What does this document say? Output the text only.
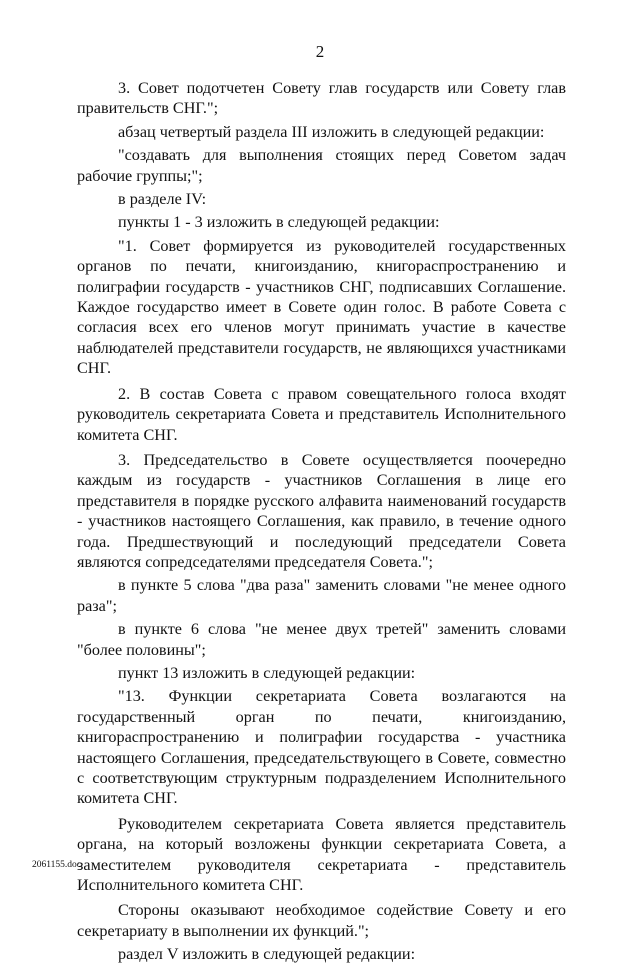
2

3. Совет подотчетен Совету глав государств или Совету глав правительств СНГ.";

абзац четвертый раздела III изложить в следующей редакции:

"создавать для выполнения стоящих перед Советом задач рабочие группы;";

в разделе IV:

пункты 1 - 3 изложить в следующей редакции:

"1. Совет формируется из руководителей государственных органов по печати, книгоизданию, книгораспространению и полиграфии государств - участников СНГ, подписавших Соглашение. Каждое государство имеет в Совете один голос. В работе Совета с согласия всех его членов могут принимать участие в качестве наблюдателей представители государств, не являющихся участниками СНГ.

2. В состав Совета с правом совещательного голоса входят руководитель секретариата Совета и представитель Исполнительного комитета СНГ.

3. Председательство в Совете осуществляется поочередно каждым из государств - участников Соглашения в лице его представителя в порядке русского алфавита наименований государств - участников настоящего Соглашения, как правило, в течение одного года. Предшествующий и последующий председатели Совета являются сопредседателями председателя Совета.";

в пункте 5 слова "два раза" заменить словами "не менее одного раза";

в пункте 6 слова "не менее двух третей" заменить словами "более половины";

пункт 13 изложить в следующей редакции:

"13. Функции секретариата Совета возлагаются на государственный орган по печати, книгоизданию, книгораспространению и полиграфии государства - участника настоящего Соглашения, председательствующего в Совете, совместно с соответствующим структурным подразделением Исполнительного комитета СНГ.

Руководителем секретариата Совета является представитель органа, на который возложены функции секретариата Совета, а заместителем руководителя секретариата - представитель Исполнительного комитета СНГ.

Стороны оказывают необходимое содействие Совету и его секретариату в выполнении их функций.";

раздел V изложить в следующей редакции:

2061155.doc
